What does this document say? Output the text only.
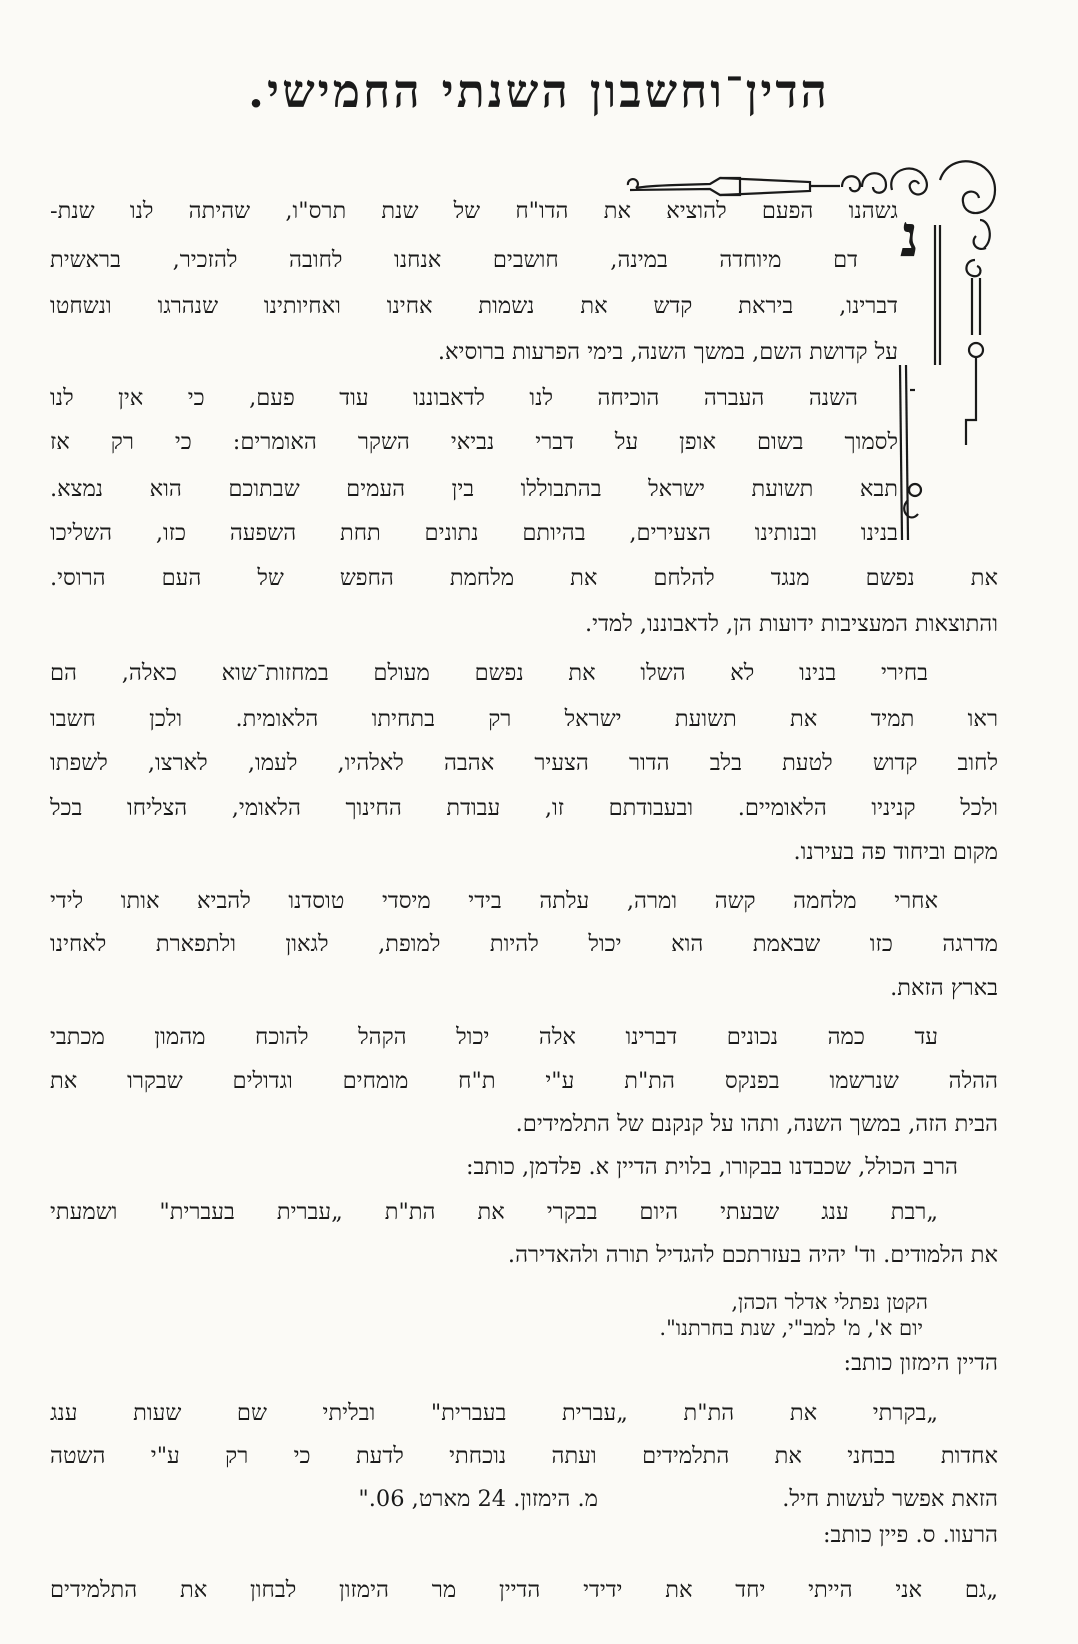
הדין־וחשבון השנתי החמישי.
נ
גשהנו הפעם להוציא את הדו"ח של שנת תרס"ו, שהיתה לנו שנת-
דם מיוחדה במינה, חושבים אנחנו לחובה להזכיר, בראשית
דברינו, ביראת קדש את נשמות אחינו ואחיותינו שנהרגו ונשחטו
על קדושת השם, במשך השנה, בימי הפרעות ברוסיא.
השנה העברה הוכיחה לנו לדאבוננו עוד פעם, כי אין לנו
לסמוך בשום אופן על דברי נביאי השקר האומרים: כי רק אז
תבא תשועת ישראל בהתבוללו בין העמים שבתוכם הוא נמצא.
בנינו ובנותינו הצעירים, בהיותם נתונים תחת השפעה כזו, השליכו
את נפשם מנגד להלחם את מלחמת החפש של העם הרוסי.
והתוצאות המעציבות ידועות הן, לדאבוננו, למדי.
בחירי בנינו לא השלו את נפשם מעולם במחזות־שוא כאלה, הם
ראו תמיד את תשועת ישראל רק בתחיתו הלאומית. ולכן חשבו
לחוב קדוש לטעת בלב הדור הצעיר אהבה לאלהיו, לעמו, לארצו, לשפתו
ולכל קניניו הלאומיים. ובעבודתם זו, עבודת החינוך הלאומי, הצליחו בכל
מקום וביחוד פה בעירנו.
אחרי מלחמה קשה ומרה, עלתה בידי מיסדי טוסדנו להביא אותו לידי
מדרגה כזו שבאמת הוא יכול להיות למופת, לגאון ולתפארת לאחינו
בארץ הזאת.
עד כמה נכונים דברינו אלה יכול הקהל להוכח מהמון מכתבי
ההלה שנרשמו בפנקס הת"ת ע"י ת"ח מומחים וגדולים שבקרו את
הבית הזה, במשך השנה, ותהו על קנקנם של התלמידים.
הרב הכולל, שכבדנו בבקורו, בלוית הדיין א. פלדמן, כותב:
„רבת ענג שבעתי היום בבקרי את הת"ת „עברית בעברית" ושמעתי
את הלמודים. וד' יהיה בעזרתכם להגדיל תורה ולהאדירה.
הקטן נפתלי אדלר הכהן,
יום א', מ' למב"י, שנת בחרתנו".
הדיין הימזון כותב:
„בקרתי את הת"ת „עברית בעברית" ובליתי שם שעות ענג
אחדות בבחני את התלמידים ועתה נוכחתי לדעת כי רק ע"י השטה
הזאת אפשר לעשות חיל.
מ. הימזון. 24 מארט, 06."
הרעוו. ס. פיין כותב:
„גם אני הייתי יחד את ידידי הדיין מר הימזון לבחון את התלמידים
